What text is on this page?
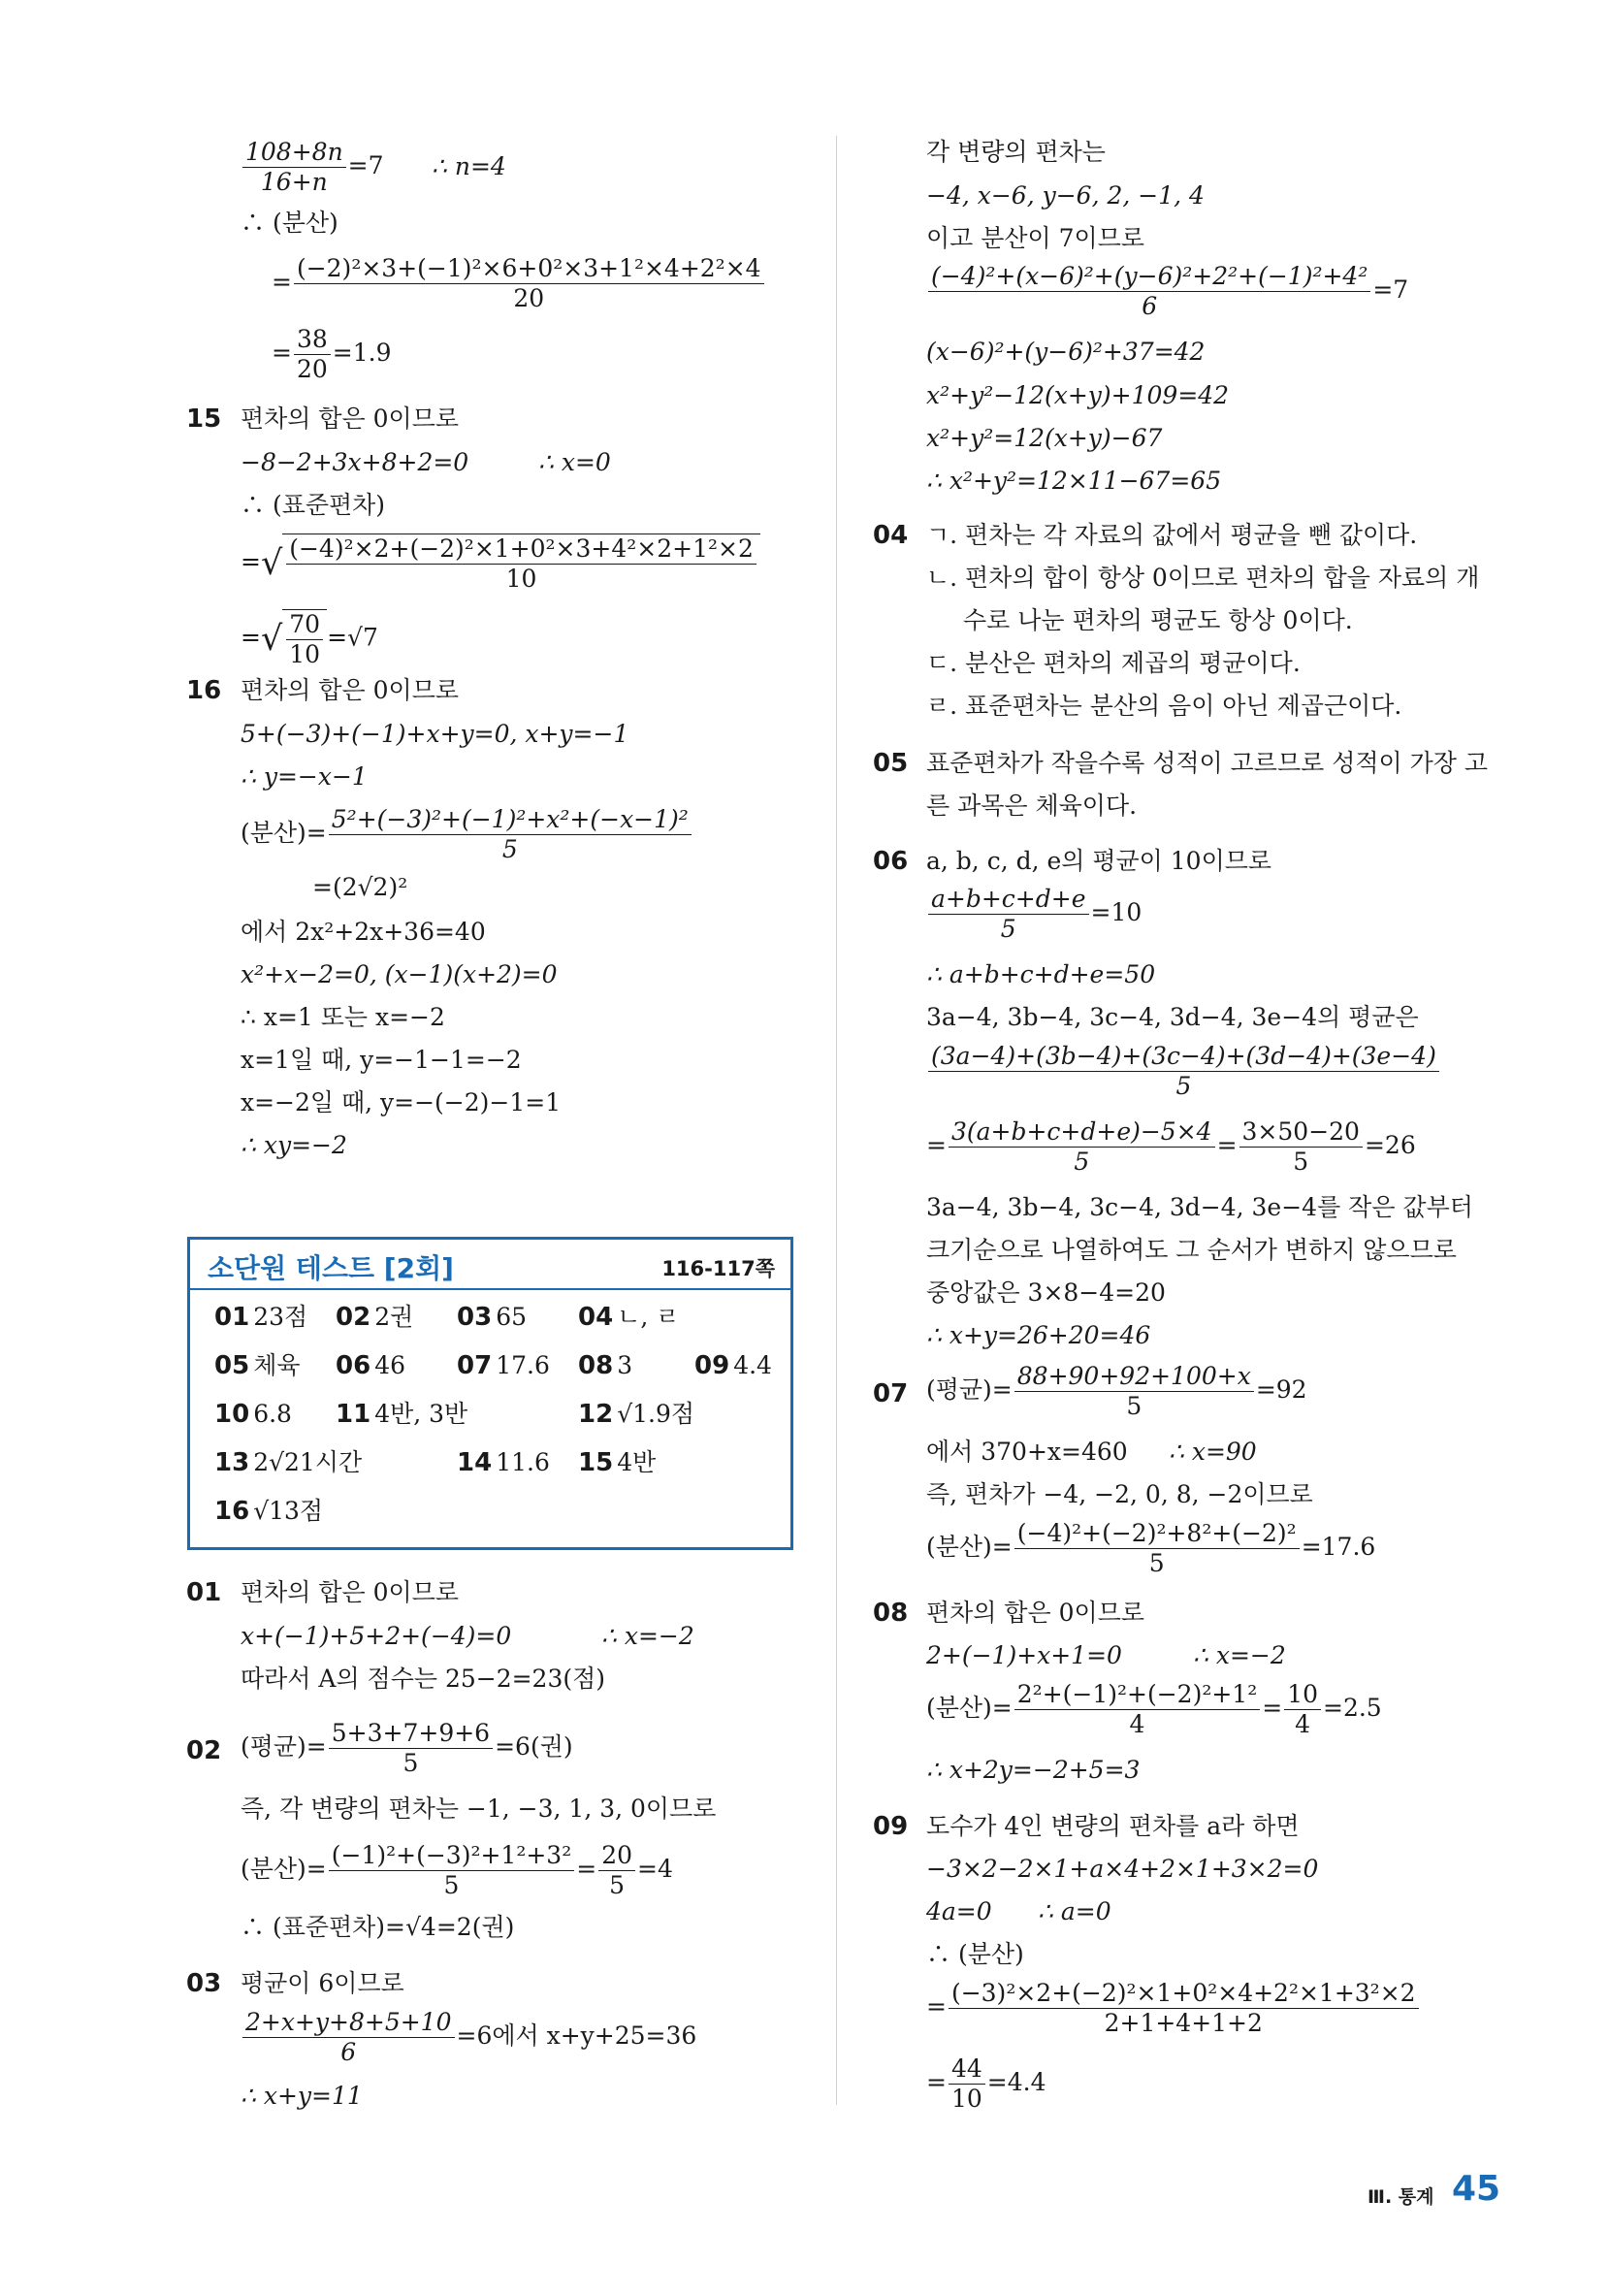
$\frac{108+8n}{16+n} =7$ ∴ n=4
∴ (분산)
= $\frac{\text{(−2)²×3+(−1)²×6+0²×3+1²×4+2²×4}}{20}$
= $\frac{38}{20} =1.9$
15 편차의 합은 0이므로
−8−2+3x+8+2=0	∴ x=0
∴ (표준편차)
=√ $\frac{\text{(−4)²×2+(−2)²×1+0²×3+4²×2+1²×2}}{10}$
=√ $\frac{70}{10} =√7$
16 편차의 합은 0이므로
5+(−3)+(−1)+x+y=0, x+y=−1
∴ y=−x−1
(분산)= $\frac{\text{5²+(−3)²+(−1)²+x²+(−x−1)²}}{5}$
=(2√2)²
에서 2x²+2x+36=40
x²+x−2=0, (x−1)(x+2)=0
∴ x=1 또는 x=−2
x=1일 때, y=−1−1=−2
x=−2일 때, y=−(−2)−1=1
∴ xy=−2
소단원 테스트 [2회]	116-117쪽
01 23점 02 2권 03 65 04 ㄴ, ㄹ
05 체육 06 46 07 17.6 08 3 09 4.4
10 6.8 11 4반, 3반	12 √1.9점
13 2√21시간	14 11.6 15 4반
16 √13점
01 편차의 합은 0이므로
x+(−1)+5+2+(−4)=0	∴ x=−2
따라서 A의 점수는 25−2=23(점)
02 (평균)= $\frac{5+3+7+9+6}{5} =6$(권)
즉, 각 변량의 편차는 −1, −3, 1, 3, 0이므로
(분산)= $\frac{\text{(−1)²+(−3)²+1²+3²}}{5} = \frac{20}{5} =4$
∴ (표준편차)=√4=2(권)
03 평균이 6이므로
$\frac{2+x+y+8+5+10}{6} =6$에서 x+y+25=36
∴ x+y=11
각 변량의 편차는
−4, x−6, y−6, 2, −1, 4
이고 분산이 7이므로
$\frac{\text{(−4)²+(x−6)²+(y−6)²+2²+(−1)²+4²}}{6} =7$
(x−6)²+(y−6)²+37=42
x²+y²−12(x+y)+109=42
x²+y²=12(x+y)−67
∴ x²+y²=12×11−67=65
04 ㄱ. 편차는 각 자료의 값에서 평균을 뺀 값이다.
ㄴ. 편차의 합이 항상 0이므로 편차의 합을 자료의 개
수로 나눈 편차의 평균도 항상 0이다.
ㄷ. 분산은 편차의 제곱의 평균이다.
ㄹ. 표준편차는 분산의 음이 아닌 제곱근이다.
05 표준편차가 작을수록 성적이 고르므로 성적이 가장 고
른 과목은 체육이다.
06 a, b, c, d, e의 평균이 10이므로
$\frac{a+b+c+d+e}{5} =10$
∴ a+b+c+d+e=50
3a−4, 3b−4, 3c−4, 3d−4, 3e−4의 평균은
$\frac{(3a-4)+(3b-4)+(3c-4)+(3d-4)+(3e-4)}{5}$
= $\frac{3(a+b+c+d+e)-5\times 4}{5} = \frac{3\times 50-20}{5} =26$
3a−4, 3b−4, 3c−4, 3d−4, 3e−4를 작은 값부터
크기순으로 나열하여도 그 순서가 변하지 않으므로
중앙값은 3×8−4=20
∴ x+y=26+20=46
07 (평균)= $\frac{88+90+92+100+x}{5} =92$
에서 370+x=460 ∴ x=90
즉, 편차가 −4, −2, 0, 8, −2이므로
(분산)= $\frac{\text{(−4)²+(−2)²+8²+(−2)²}}{5} =17.6$
08 편차의 합은 0이므로
2+(−1)+x+1=0	∴ x=−2
(분산)= $\frac{\text{2²+(−1)²+(−2)²+1²}}{4} = \frac{10}{4} =2.5$
∴ x+2y=−2+5=3
09 도수가 4인 변량의 편차를 a라 하면
−3×2−2×1+a×4+2×1+3×2=0
4a=0 ∴ a=0
∴ (분산)
= $\frac{\text{(−3)²×2+(−2)²×1+0²×4+2²×1+3²×2}}{2+1+4+1+2}$
= $\frac{44}{10} =4.4$
Ⅲ. 통계 45
